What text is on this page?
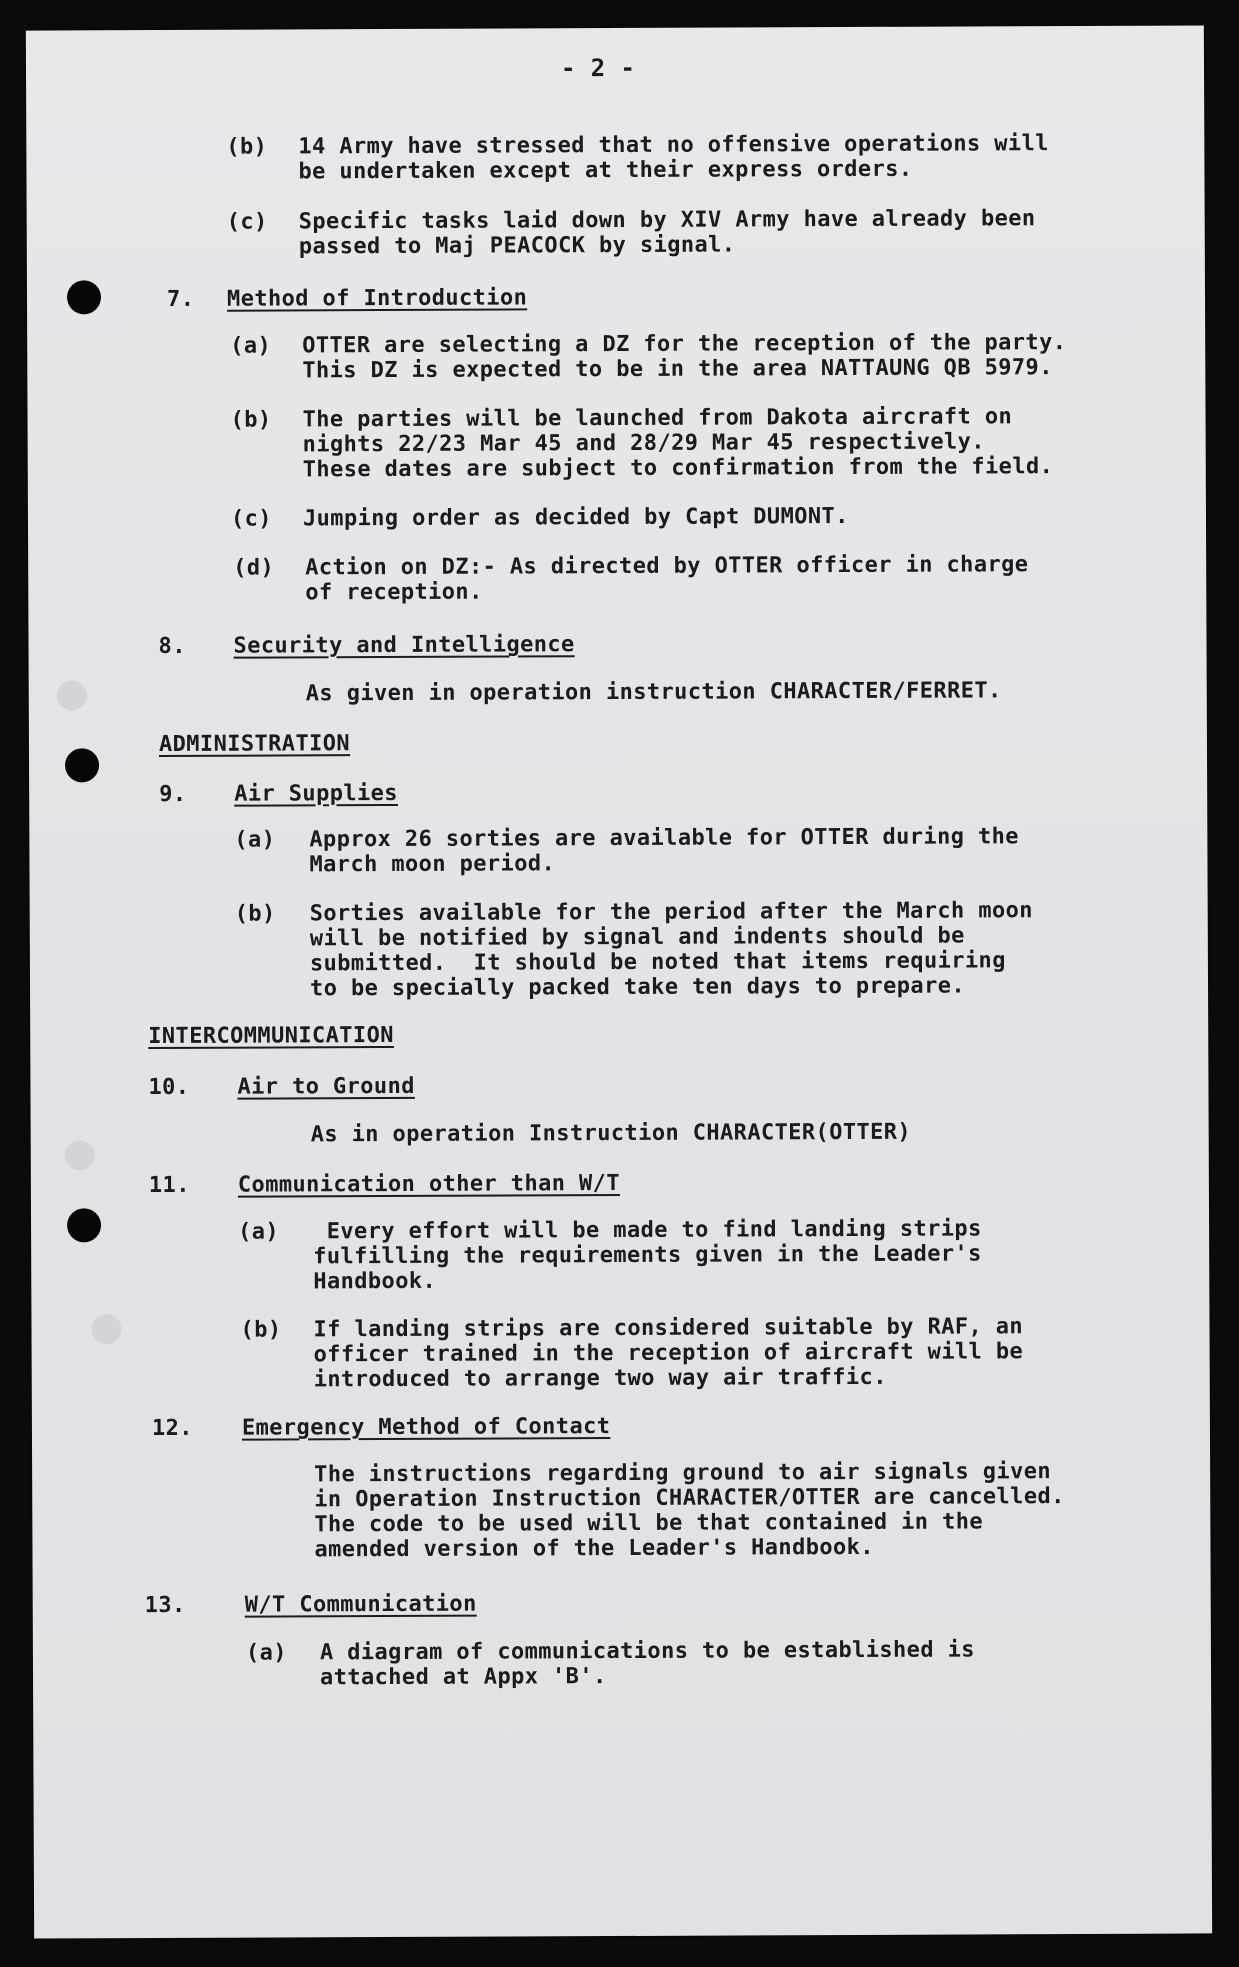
- 2 -
(b) 14 Army have stressed that no offensive operations will
be undertaken except at their express orders.
(c) Specific tasks laid down by XIV Army have already been
passed to Maj PEACOCK by signal.
7. Method of Introduction
(a) OTTER are selecting a DZ for the reception of the party.
This DZ is expected to be in the area NATTAUNG QB 5979.
(b) The parties will be launched from Dakota aircraft on
nights 22/23 Mar 45 and 28/29 Mar 45 respectively.
These dates are subject to confirmation from the field.
(c) Jumping order as decided by Capt DUMONT.
(d) Action on DZ:- As directed by OTTER officer in charge
of reception.
8. Security and Intelligence
As given in operation instruction CHARACTER/FERRET.
ADMINISTRATION
9. Air Supplies
(a) Approx 26 sorties are available for OTTER during the
March moon period.
(b) Sorties available for the period after the March moon
will be notified by signal and indents should be
submitted.  It should be noted that items requiring
to be specially packed take ten days to prepare.
INTERCOMMUNICATION
10. Air to Ground
As in operation Instruction CHARACTER(OTTER)
11. Communication other than W/T
(a) Every effort will be made to find landing strips
fulfilling the requirements given in the Leader's
Handbook.
(b) If landing strips are considered suitable by RAF, an
officer trained in the reception of aircraft will be
introduced to arrange two way air traffic.
12. Emergency Method of Contact
The instructions regarding ground to air signals given
in Operation Instruction CHARACTER/OTTER are cancelled.
The code to be used will be that contained in the
amended version of the Leader's Handbook.
13.	W/T Communication
(a) A diagram of communications to be established is
attached at Appx 'B'.
